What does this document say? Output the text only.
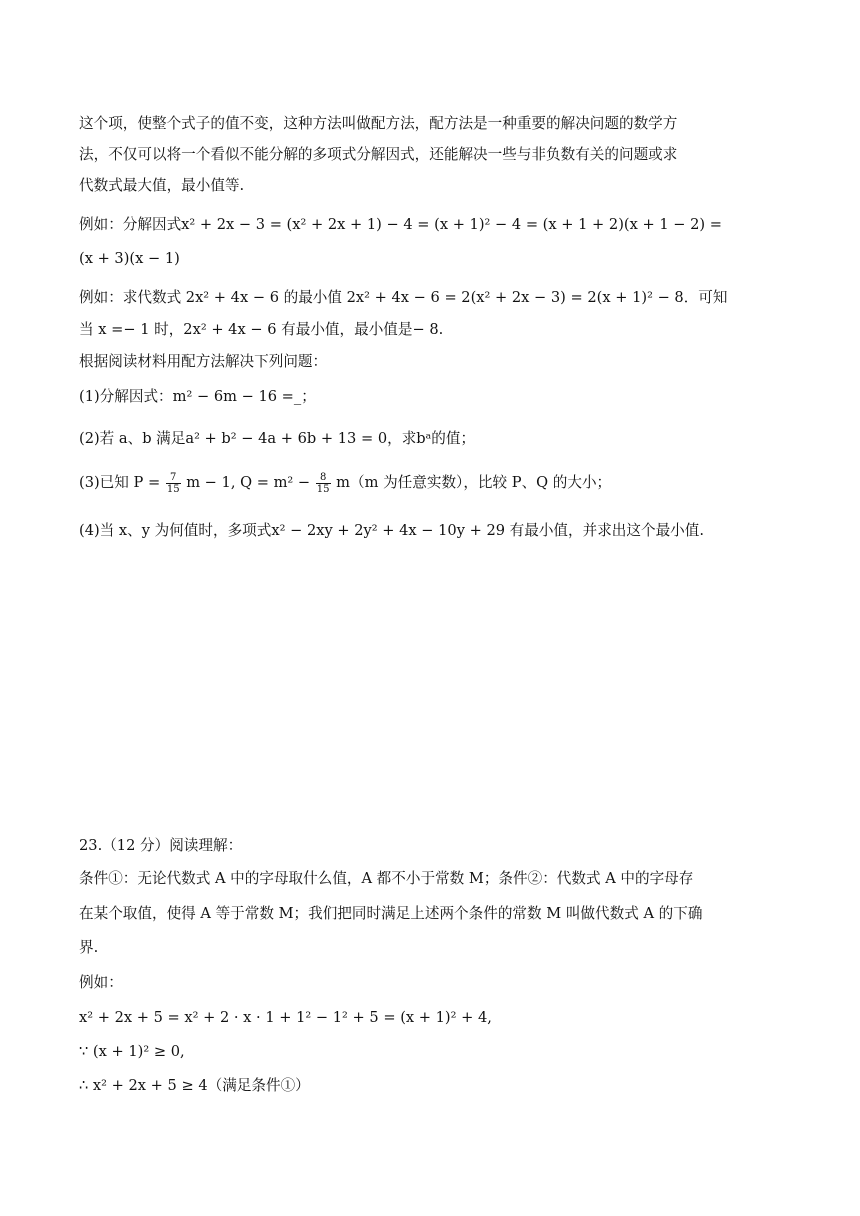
这个项，使整个式子的值不变，这种方法叫做配方法，配方法是一种重要的解决问题的数学方
法，不仅可以将一个看似不能分解的多项式分解因式，还能解决一些与非负数有关的问题或求
代数式最大值，最小值等.
例如：分解因式x² + 2x − 3 = (x² + 2x + 1) − 4 = (x + 1)² − 4 = (x + 1 + 2)(x + 1 − 2) =
(x + 3)(x − 1)
例如：求代数式 2x² + 4x − 6 的最小值 2x² + 4x − 6 = 2(x² + 2x − 3) = 2(x + 1)² − 8．可知
当 x =− 1 时，2x² + 4x − 6 有最小值，最小值是− 8.
根据阅读材料用配方法解决下列问题：
(1)分解因式：m² − 6m − 16 =_；
(2)若 a、b 满足a² + b² − 4a + 6b + 13 = 0，求bᵃ的值；
(3)已知 $P = \frac{7}{15}$ m − 1, $Q = m^2 - \frac{8}{15} m(m$ 为任意实数），比较 P、Q 的大小；
(4)当 x、y 为何值时，多项式x² − 2xy + 2y² + 4x − 10y + 29 有最小值，并求出这个最小值.
23.（12 分）阅读理解：
条件①：无论代数式 A 中的字母取什么值，A 都不小于常数 M；条件②：代数式 A 中的字母存
在某个取值，使得 A 等于常数 M；我们把同时满足上述两个条件的常数 M 叫做代数式 A 的下确
界.
例如：
x² + 2x + 5 = x² + 2 · x · 1 + 1² − 1² + 5 = (x + 1)² + 4,
∵ (x + 1)² ≥ 0,
∴ x² + 2x + 5 ≥ 4（满足条件①）
